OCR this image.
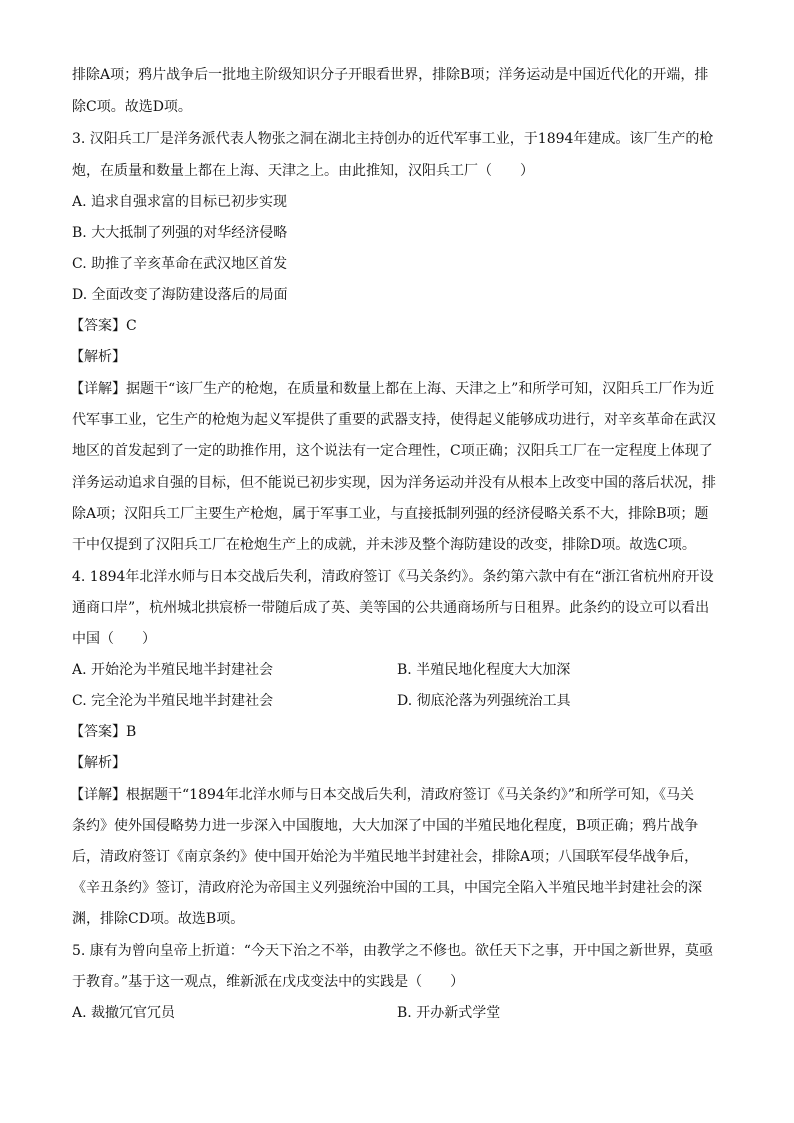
排除A项；鸦片战争后一批地主阶级知识分子开眼看世界，排除B项；洋务运动是中国近代化的开端，排
除C项。故选D项。
3. 汉阳兵工厂是洋务派代表人物张之洞在湖北主持创办的近代军事工业，于1894年建成。该厂生产的枪
炮，在质量和数量上都在上海、天津之上。由此推知，汉阳兵工厂（　　）
A. 追求自强求富的目标已初步实现
B. 大大抵制了列强的对华经济侵略
C. 助推了辛亥革命在武汉地区首发
D. 全面改变了海防建设落后的局面
【答案】C
【解析】
【详解】据题干“该厂生产的枪炮，在质量和数量上都在上海、天津之上”和所学可知，汉阳兵工厂作为近
代军事工业，它生产的枪炮为起义军提供了重要的武器支持，使得起义能够成功进行，对辛亥革命在武汉
地区的首发起到了一定的助推作用，这个说法有一定合理性，C项正确；汉阳兵工厂在一定程度上体现了
洋务运动追求自强的目标，但不能说已初步实现，因为洋务运动并没有从根本上改变中国的落后状况，排
除A项；汉阳兵工厂主要生产枪炮，属于军事工业，与直接抵制列强的经济侵略关系不大，排除B项；题
干中仅提到了汉阳兵工厂在枪炮生产上的成就，并未涉及整个海防建设的改变，排除D项。故选C项。
4. 1894年北洋水师与日本交战后失利，清政府签订《马关条约》。条约第六款中有在“浙江省杭州府开设
通商口岸”，杭州城北拱宸桥一带随后成了英、美等国的公共通商场所与日租界。此条约的设立可以看出
中国（　　）
A. 开始沦为半殖民地半封建社会	B. 半殖民地化程度大大加深
C. 完全沦为半殖民地半封建社会	D. 彻底沦落为列强统治工具
【答案】B
【解析】
【详解】根据题干“1894年北洋水师与日本交战后失利，清政府签订《马关条约》”和所学可知，《马关
条约》使外国侵略势力进一步深入中国腹地，大大加深了中国的半殖民地化程度，B项正确；鸦片战争
后，清政府签订《南京条约》使中国开始沦为半殖民地半封建社会，排除A项；八国联军侵华战争后，
《辛丑条约》签订，清政府沦为帝国主义列强统治中国的工具，中国完全陷入半殖民地半封建社会的深
渊，排除CD项。故选B项。
5. 康有为曾向皇帝上折道：“今天下治之不举，由教学之不修也。欲任天下之事，开中国之新世界，莫亟
于教育。”基于这一观点，维新派在戊戌变法中的实践是（　　）
A. 裁撤冗官冗员	B. 开办新式学堂
